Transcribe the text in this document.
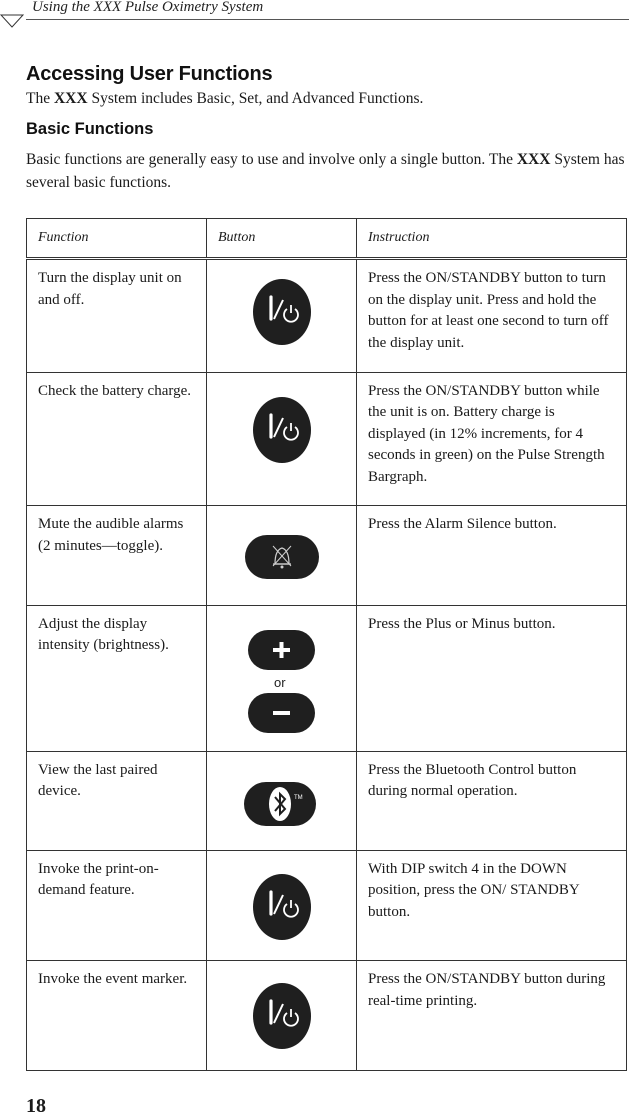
Using the XXX Pulse Oximetry System
Accessing User Functions

The XXX System includes Basic, Set, and Advanced Functions.

Basic Functions

Basic functions are generally easy to use and involve only a single button. The XXX System has several basic functions.

Function	Button	Instruction
Turn the display unit on and off.		Press the ON/STANDBY button to turn on the display unit. Press and hold the button for at least one second to turn off the display unit.
Check the battery charge.		Press the ON/STANDBY button while the unit is on. Battery charge is displayed (in 12% increments, for 4 seconds in green) on the Pulse Strength Bargraph.
Mute the audible alarms (2 minutes—toggle).		Press the Alarm Silence button.
Adjust the display intensity (brightness).	or	Press the Plus or Minus button.
View the last paired device.	TM	Press the Bluetooth Control button during normal operation.
Invoke the print-on-demand feature.		With DIP switch 4 in the DOWN position, press the ON/ STANDBY button.
Invoke the event marker.		Press the ON/STANDBY button during real-time printing.
18
